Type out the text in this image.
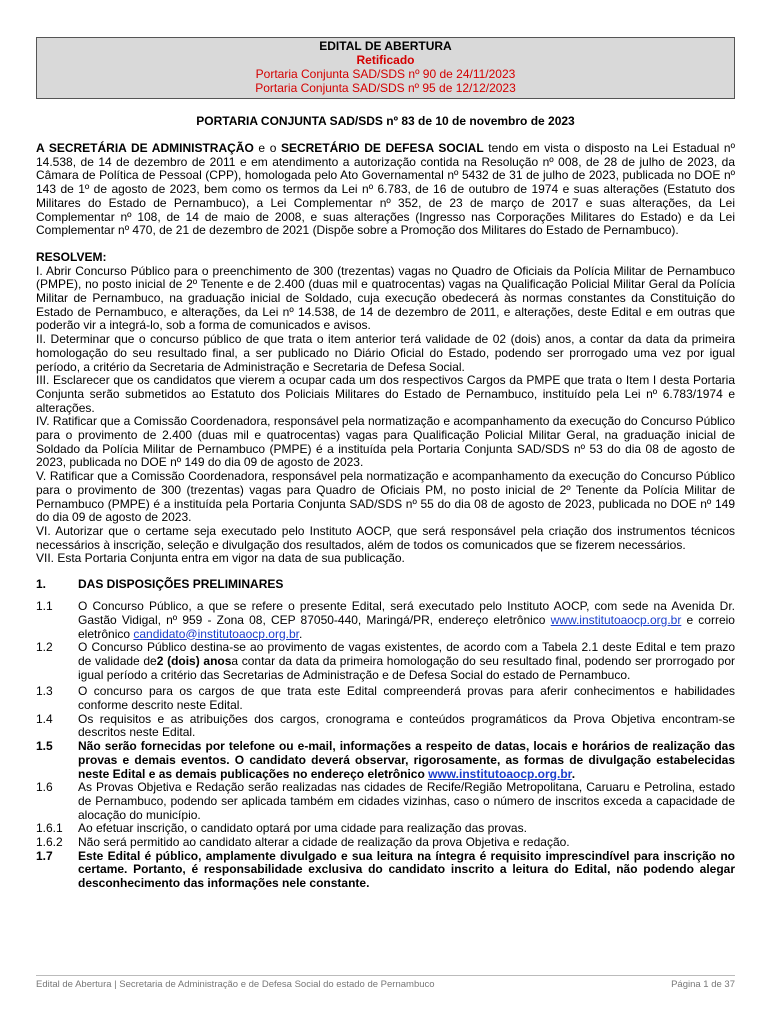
EDITAL DE ABERTURA
Retificado
Portaria Conjunta SAD/SDS nº 90 de 24/11/2023
Portaria Conjunta SAD/SDS nº 95 de 12/12/2023
PORTARIA CONJUNTA SAD/SDS nº 83 de 10 de novembro de 2023

A SECRETÁRIA DE ADMINISTRAÇÃO e o SECRETÁRIO DE DEFESA SOCIAL tendo em vista o disposto na Lei Estadual nº 14.538, de 14 de dezembro de 2011 e em atendimento a autorização contida na Resolução nº 008, de 28 de julho de 2023, da Câmara de Política de Pessoal (CPP), homologada pelo Ato Governamental nº 5432 de 31 de julho de 2023, publicada no DOE nº 143 de 1º de agosto de 2023, bem como os termos da Lei nº 6.783, de 16 de outubro de 1974 e suas alterações (Estatuto dos Militares do Estado de Pernambuco), a Lei Complementar nº 352, de 23 de março de 2017 e suas alterações, da Lei Complementar nº 108, de 14 de maio de 2008, e suas alterações (Ingresso nas Corporações Militares do Estado) e da Lei Complementar nº 470, de 21 de dezembro de 2021 (Dispõe sobre a Promoção dos Militares do Estado de Pernambuco).

RESOLVEM:

I. Abrir Concurso Público para o preenchimento de 300 (trezentas) vagas no Quadro de Oficiais da Polícia Militar de Pernambuco (PMPE), no posto inicial de 2º Tenente e de 2.400 (duas mil e quatrocentas) vagas na Qualificação Policial Militar Geral da Polícia Militar de Pernambuco, na graduação inicial de Soldado, cuja execução obedecerá às normas constantes da Constituição do Estado de Pernambuco, e alterações, da Lei nº 14.538, de 14 de dezembro de 2011, e alterações, deste Edital e em outras que poderão vir a integrá-lo, sob a forma de comunicados e avisos.

II. Determinar que o concurso público de que trata o item anterior terá validade de 02 (dois) anos, a contar da data da primeira homologação do seu resultado final, a ser publicado no Diário Oficial do Estado, podendo ser prorrogado uma vez por igual período, a critério da Secretaria de Administração e Secretaria de Defesa Social.

III. Esclarecer que os candidatos que vierem a ocupar cada um dos respectivos Cargos da PMPE que trata o Item I desta Portaria Conjunta serão submetidos ao Estatuto dos Policiais Militares do Estado de Pernambuco, instituído pela Lei nº 6.783/1974 e alterações.

IV. Ratificar que a Comissão Coordenadora, responsável pela normatização e acompanhamento da execução do Concurso Público para o provimento de 2.400 (duas mil e quatrocentas) vagas para Qualificação Policial Militar Geral, na graduação inicial de Soldado da Polícia Militar de Pernambuco (PMPE) é a instituída pela Portaria Conjunta SAD/SDS nº 53 do dia 08 de agosto de 2023, publicada no DOE nº 149 do dia 09 de agosto de 2023.

V. Ratificar que a Comissão Coordenadora, responsável pela normatização e acompanhamento da execução do Concurso Público para o provimento de 300 (trezentas) vagas para Quadro de Oficiais PM, no posto inicial de 2º Tenente da Polícia Militar de Pernambuco (PMPE) é a instituída pela Portaria Conjunta SAD/SDS nº 55 do dia 08 de agosto de 2023, publicada no DOE nº 149 do dia 09 de agosto de 2023.

VI. Autorizar que o certame seja executado pelo Instituto AOCP, que será responsável pela criação dos instrumentos técnicos necessários à inscrição, seleção e divulgação dos resultados, além de todos os comunicados que se fizerem necessários.

VII. Esta Portaria Conjunta entra em vigor na data de sua publicação.

1.	DAS DISPOSIÇÕES PRELIMINARES
1.1	O Concurso Público, a que se refere o presente Edital, será executado pelo Instituto AOCP, com sede na Avenida Dr. Gastão Vidigal, nº 959 - Zona 08, CEP 87050-440, Maringá/PR, endereço eletrônico www.institutoaocp.org.br e correio eletrônico candidato@institutoaocp.org.br.
1.2	O Concurso Público destina-se ao provimento de vagas existentes, de acordo com a Tabela 2.1 deste Edital e tem prazo de validade de2 (dois) anosa contar da data da primeira homologação do seu resultado final, podendo ser prorrogado por igual período a critério das Secretarias de Administração e de Defesa Social do estado de Pernambuco.
1.3	O concurso para os cargos de que trata este Edital compreenderá provas para aferir conhecimentos e habilidades conforme descrito neste Edital.
1.4	Os requisitos e as atribuições dos cargos, cronograma e conteúdos programáticos da Prova Objetiva encontram-se descritos neste Edital.
1.5	Não serão fornecidas por telefone ou e-mail, informações a respeito de datas, locais e horários de realização das provas e demais eventos. O candidato deverá observar, rigorosamente, as formas de divulgação estabelecidas neste Edital e as demais publicações no endereço eletrônico www.institutoaocp.org.br.
1.6	As Provas Objetiva e Redação serão realizadas nas cidades de Recife/Região Metropolitana, Caruaru e Petrolina, estado de Pernambuco, podendo ser aplicada também em cidades vizinhas, caso o número de inscritos exceda a capacidade de alocação do município.
1.6.1	Ao efetuar inscrição, o candidato optará por uma cidade para realização das provas.
1.6.2	Não será permitido ao candidato alterar a cidade de realização da prova Objetiva e redação.
1.7	Este Edital é público, amplamente divulgado e sua leitura na íntegra é requisito imprescindível para inscrição no certame. Portanto, é responsabilidade exclusiva do candidato inscrito a leitura do Edital, não podendo alegar desconhecimento das informações nele constante.
Edital de Abertura | Secretaria de Administração e de Defesa Social do estado de Pernambuco	Página 1 de 37
